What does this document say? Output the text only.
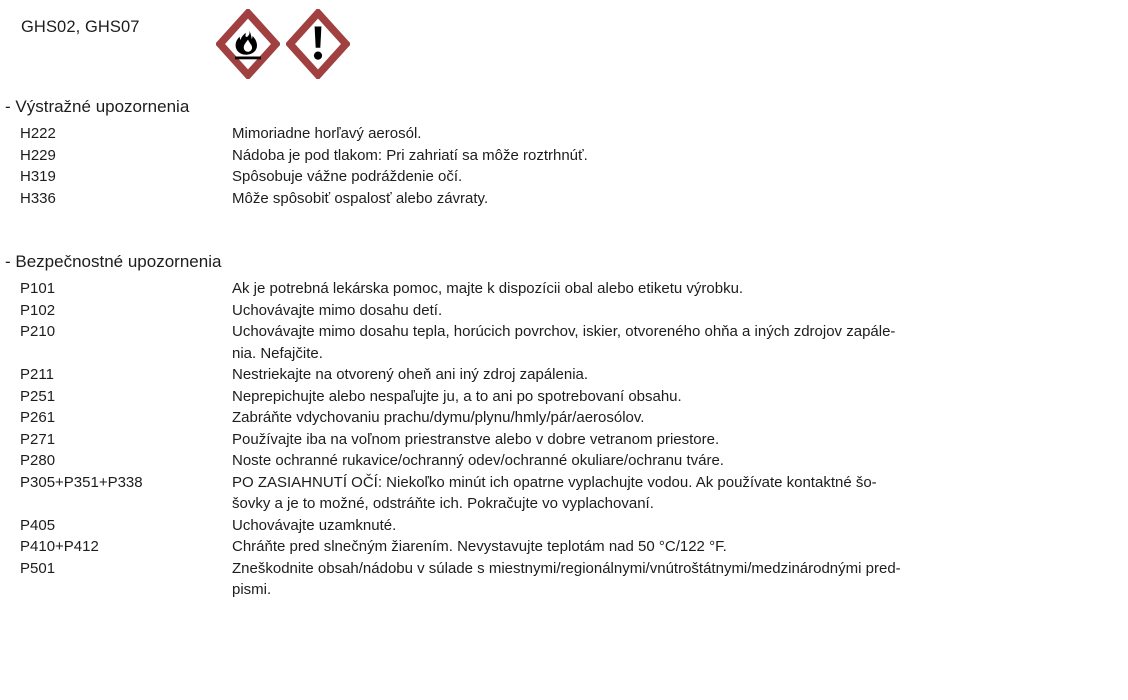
GHS02, GHS07
- Výstražné upozornenia
H222	Mimoriadne horľavý aerosól.
H229	Nádoba je pod tlakom: Pri zahriatí sa môže roztrhnúť.
H319	Spôsobuje vážne podráždenie očí.
H336	Môže spôsobiť ospalosť alebo závraty.
- Bezpečnostné upozornenia
P101	Ak je potrebná lekárska pomoc, majte k dispozícii obal alebo etiketu výrobku.
P102	Uchovávajte mimo dosahu detí.
P210	Uchovávajte mimo dosahu tepla, horúcich povrchov, iskier, otvoreného ohňa a iných zdrojov zapále-
nia. Nefajčite.
P211	Nestriekajte na otvorený oheň ani iný zdroj zapálenia.
P251	Neprepichujte alebo nespaľujte ju, a to ani po spotrebovaní obsahu.
P261	Zabráňte vdychovaniu prachu/dymu/plynu/hmly/pár/aerosólov.
P271	Používajte iba na voľnom priestranstve alebo v dobre vetranom priestore.
P280	Noste ochranné rukavice/ochranný odev/ochranné okuliare/ochranu tváre.
P305+P351+P338	PO ZASIAHNUTÍ OČÍ: Niekoľko minút ich opatrne vyplachujte vodou. Ak používate kontaktné šo-
šovky a je to možné, odstráňte ich. Pokračujte vo vyplachovaní.
P405	Uchovávajte uzamknuté.
P410+P412	Chráňte pred slnečným žiarením. Nevystavujte teplotám nad 50 °C/122 °F.
P501	Zneškodnite obsah/nádobu v súlade s miestnymi/regionálnymi/vnútroštátnymi/medzinárodnými pred-
pismi.
